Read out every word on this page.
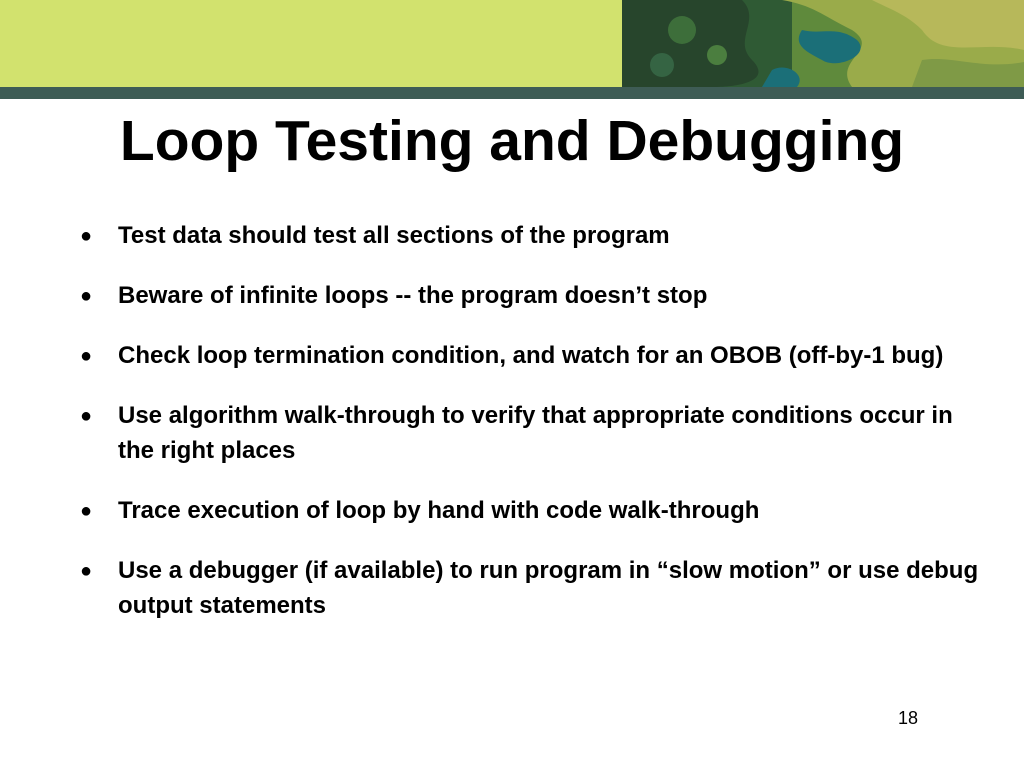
Loop Testing and Debugging
● Test data should test all sections of the program
● Beware of infinite loops -- the program doesn’t stop
● Check loop termination condition, and watch for an OBOB (off-by-1 bug)
● Use algorithm walk-through to verify that appropriate conditions occur in the right places
● Trace execution of loop by hand with code walk-through
● Use a debugger (if available) to run program in “slow motion” or use debug output statements
18
